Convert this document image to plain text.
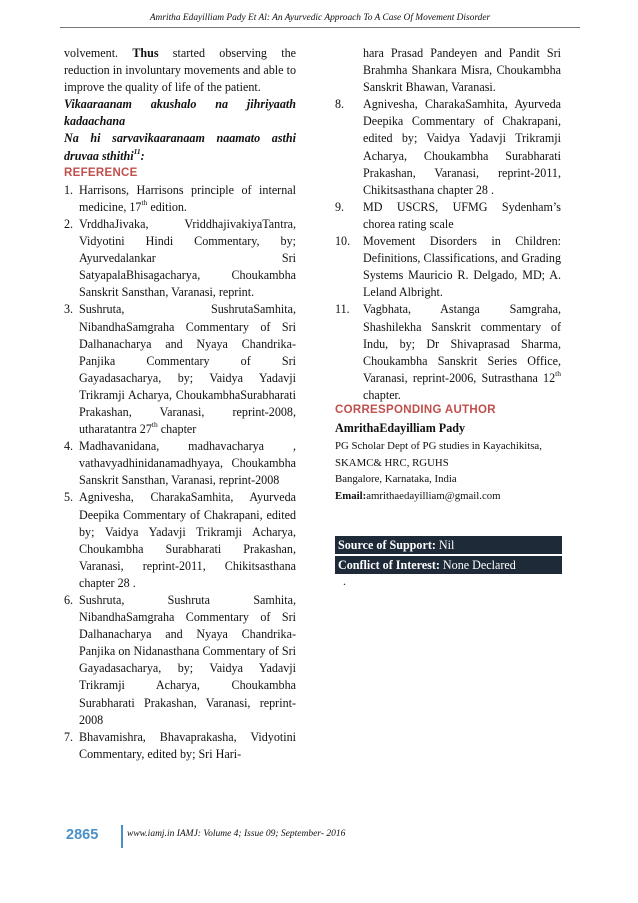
Amritha Edayilliam Pady Et Al: An Ayurvedic Approach To A Case Of Movement Disorder

volvement. Thus started observing the reduction in involuntary movements and able to improve the quality of life of the patient.

Vikaaraanam akushalo na jihriyaath kadaachana

Na hi sarvavikaaranaam naamato asthi druvaa sthithi$^{11}$:

REFERENCE

1. Harrisons, Harrisons principle of internal medicine, 17th edition.
2. VrddhaJivaka, VriddhajivakiyaTantra, Vidyotini Hindi Commentary, by; Ayurvedalankar Sri SatyapalaBhisagacharya, Choukambha Sanskrit Sansthan, Varanasi, reprint.
3. Sushruta, SushrutaSamhita, NibandhaSamgraha Commentary of Sri Dalhanacharya and Nyaya Chandrika-Panjika Commentary of Sri Gayadasacharya, by; Vaidya Yadavji Trikramji Acharya, ChoukambhaSurabharati Prakashan, Varanasi, reprint-2008, utharatantra 27th chapter
4. Madhavanidana, madhavacharya , vathavyadhinidanamadhyaya, Choukambha Sanskrit Sansthan, Varanasi, reprint-2008
5. Agnivesha, CharakaSamhita, Ayurveda Deepika Commentary of Chakrapani, edited by; Vaidya Yadavji Trikramji Acharya, Choukambha Surabharati Prakashan, Varanasi, reprint-2011, Chikitsasthana chapter 28 .
6. Sushruta, Sushruta Samhita, NibandhaSamgraha Commentary of Sri Dalhanacharya and Nyaya Chandrika-Panjika on Nidanasthana Commentary of Sri Gayadasacharya, by; Vaidya Yadavji Trikramji Acharya, Choukambha Surabharati Prakashan, Varanasi, reprint-2008
7. Bhavamishra, Bhavaprakasha, Vidyotini Commentary, edited by; Sri Hari-

hara Prasad Pandeyen and Pandit Sri Brahmha Shankara Misra, Choukambha Sanskrit Bhawan, Varanasi.

8. Agnivesha, CharakaSamhita, Ayurveda Deepika Commentary of Chakrapani, edited by; Vaidya Yadavji Trikramji Acharya, Choukambha Surabharati Prakashan, Varanasi, reprint-2011, Chikitsasthana chapter 28 .
9. MD USCRS, UFMG Sydenham’s chorea rating scale
10. Movement Disorders in Children: Definitions, Classifications, and Grading Systems Mauricio R. Delgado, MD; A. Leland Albright.
11. Vagbhata, Astanga Samgraha, Shashilekha Sanskrit commentary of Indu, by; Dr Shivaprasad Sharma, Choukambha Sanskrit Series Office, Varanasi, reprint-2006, Sutrasthana 12th chapter.
CORRESPONDING AUTHOR
AmrithaEdayilliam Pady
PG Scholar Dept of PG studies in Kayachikitsa, SKAMC& HRC, RGUHS
Bangalore, Karnataka, India
Email:amrithaedayilliam@gmail.com
Source of Support: Nil
Conflict of Interest: None Declared
.
2865	www.iamj.in IAMJ: Volume 4; Issue 09; September- 2016
